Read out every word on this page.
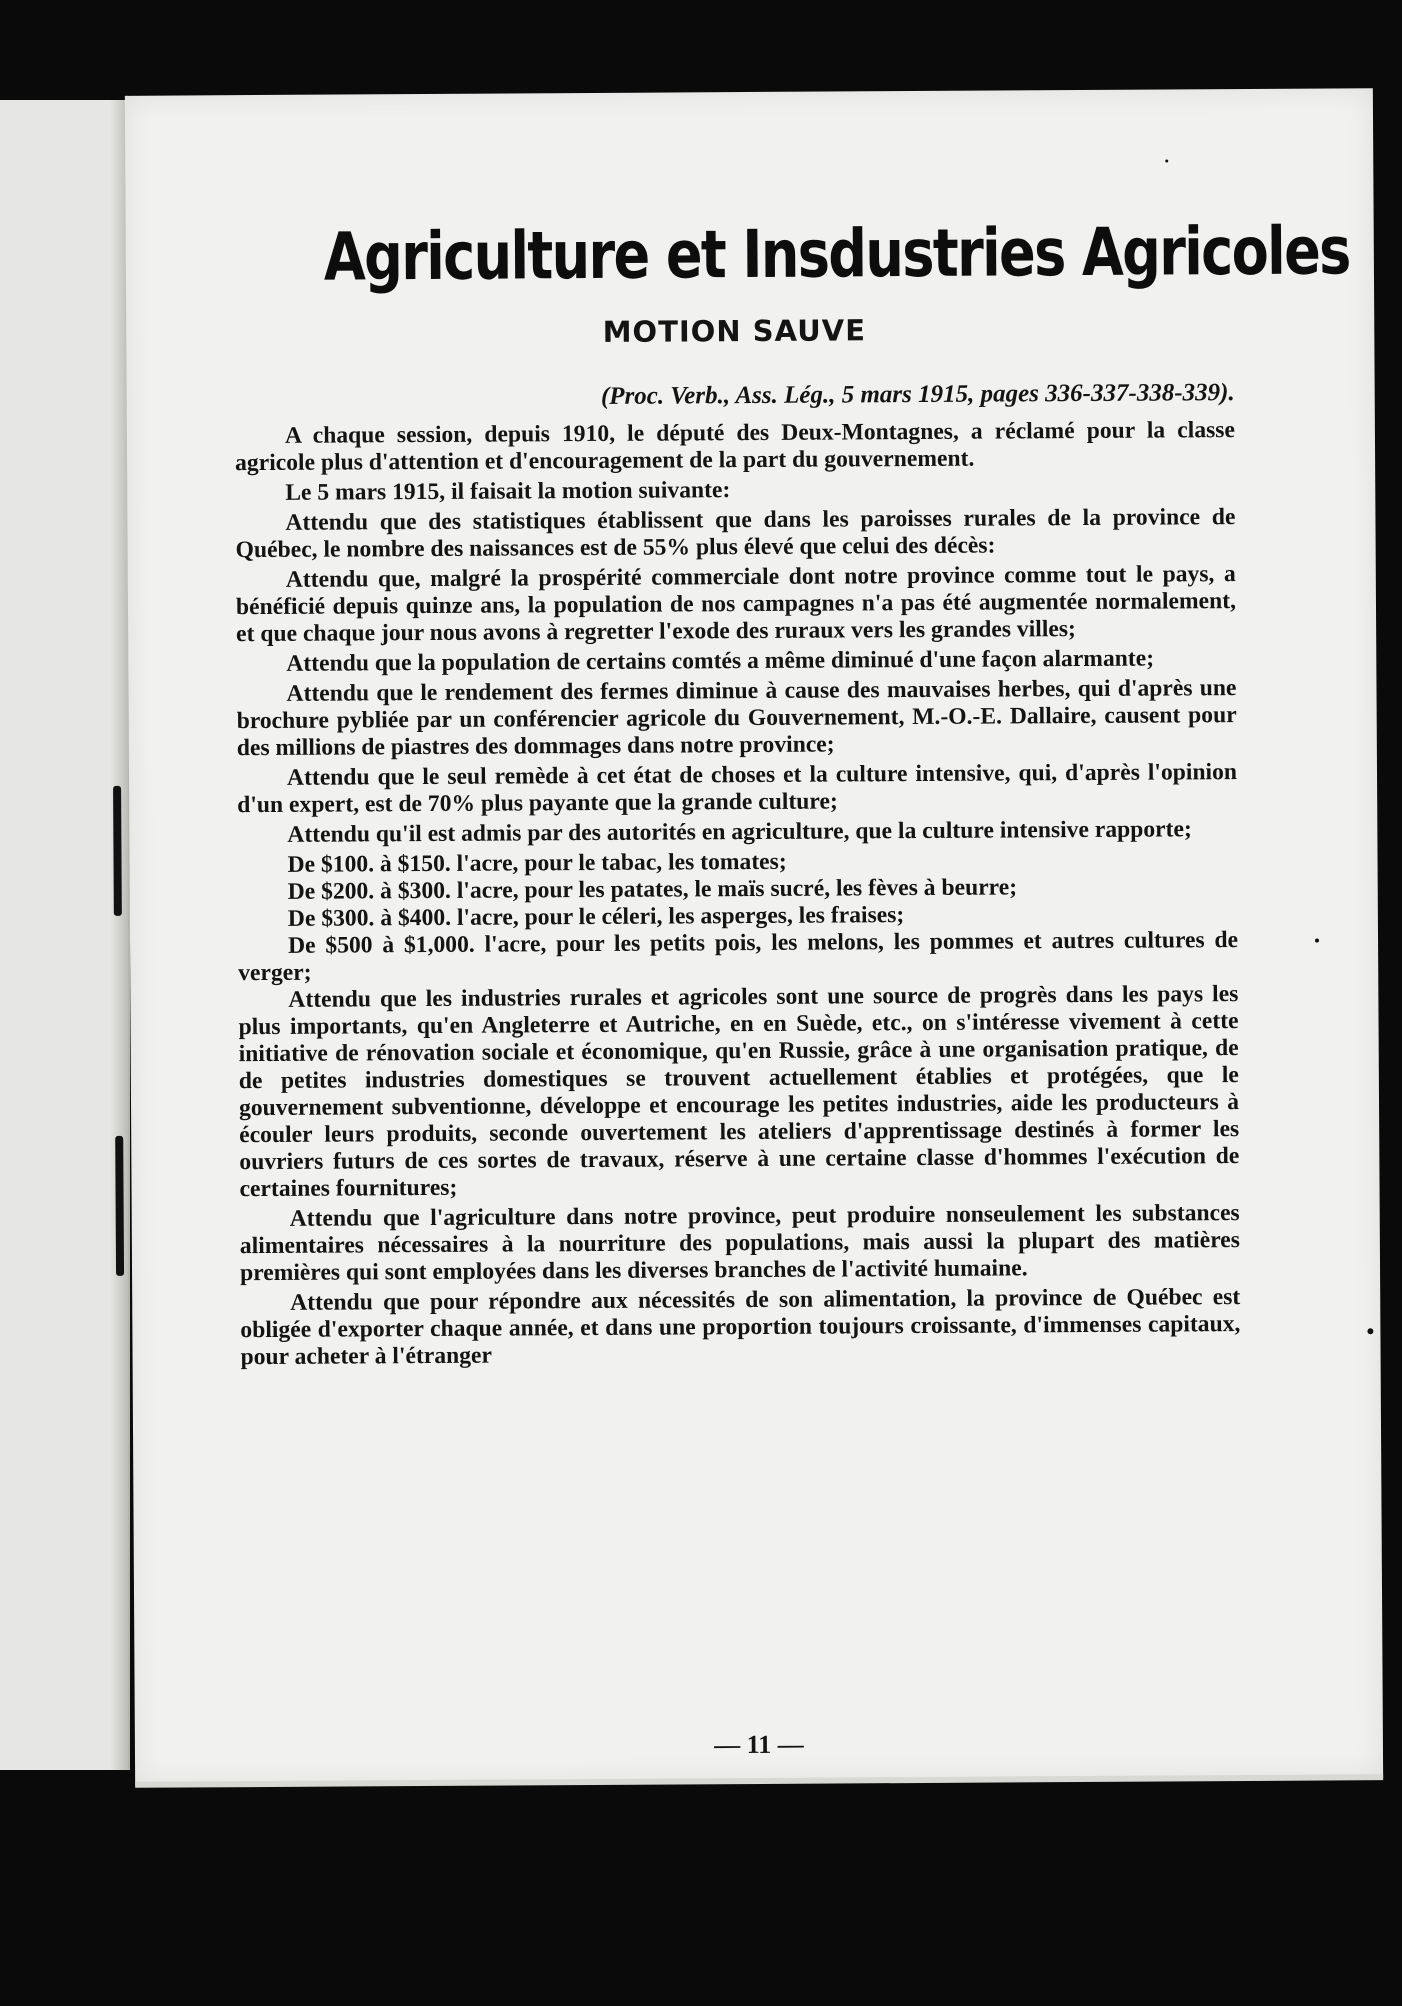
Agriculture et Insdustries Agricoles
MOTION SAUVE
(Proc. Verb., Ass. Lég., 5 mars 1915, pages 336-337-338-339).

A chaque session, depuis 1910, le député des Deux-Montagnes, a réclamé pour la classe agricole plus d'attention et d'encouragement de la part du gouvernement.

Le 5 mars 1915, il faisait la motion suivante:

Attendu que des statistiques établissent que dans les paroisses rurales de la province de Québec, le nombre des naissances est de 55% plus élevé que celui des décès:

Attendu que, malgré la prospérité commerciale dont notre province comme tout le pays, a bénéficié depuis quinze ans, la population de nos campagnes n'a pas été augmentée normalement, et que chaque jour nous avons à regretter l'exode des ruraux vers les grandes villes;

Attendu que la population de certains comtés a même diminué d'une façon alarmante;

Attendu que le rendement des fermes diminue à cause des mauvaises herbes, qui d'après une brochure pybliée par un conférencier agricole du Gouvernement, M.-O.-E. Dallaire, causent pour des millions de piastres des dommages dans notre province;

Attendu que le seul remède à cet état de choses et la culture intensive, qui, d'après l'opinion d'un expert, est de 70% plus payante que la grande culture;

Attendu qu'il est admis par des autorités en agriculture, que la culture intensive rapporte;

De $100. à $150. l'acre, pour le tabac, les tomates;

De $200. à $300. l'acre, pour les patates, le maïs sucré, les fèves à beurre;

De $300. à $400. l'acre, pour le céleri, les asperges, les fraises;

De $500 à $1,000. l'acre, pour les petits pois, les melons, les pommes et autres cultures de verger;

Attendu que les industries rurales et agricoles sont une source de progrès dans les pays les plus importants, qu'en Angleterre et Autriche, en en Suède, etc., on s'intéresse vivement à cette initiative de rénovation sociale et économique, qu'en Russie, grâce à une organisation pratique, de de petites industries domestiques se trouvent actuellement établies et protégées, que le gouvernement subventionne, développe et encourage les petites industries, aide les producteurs à écouler leurs produits, seconde ouvertement les ateliers d'apprentissage destinés à former les ouvriers futurs de ces sortes de travaux, réserve à une certaine classe d'hommes l'exécution de certaines fournitures;

Attendu que l'agriculture dans notre province, peut produire nonseulement les substances alimentaires nécessaires à la nourriture des populations, mais aussi la plupart des matières premières qui sont employées dans les diverses branches de l'activité humaine.

Attendu que pour répondre aux nécessités de son alimentation, la province de Québec est obligée d'exporter chaque année, et dans une proportion toujours croissante, d'immenses capitaux, pour acheter à l'étranger

— 11 —
